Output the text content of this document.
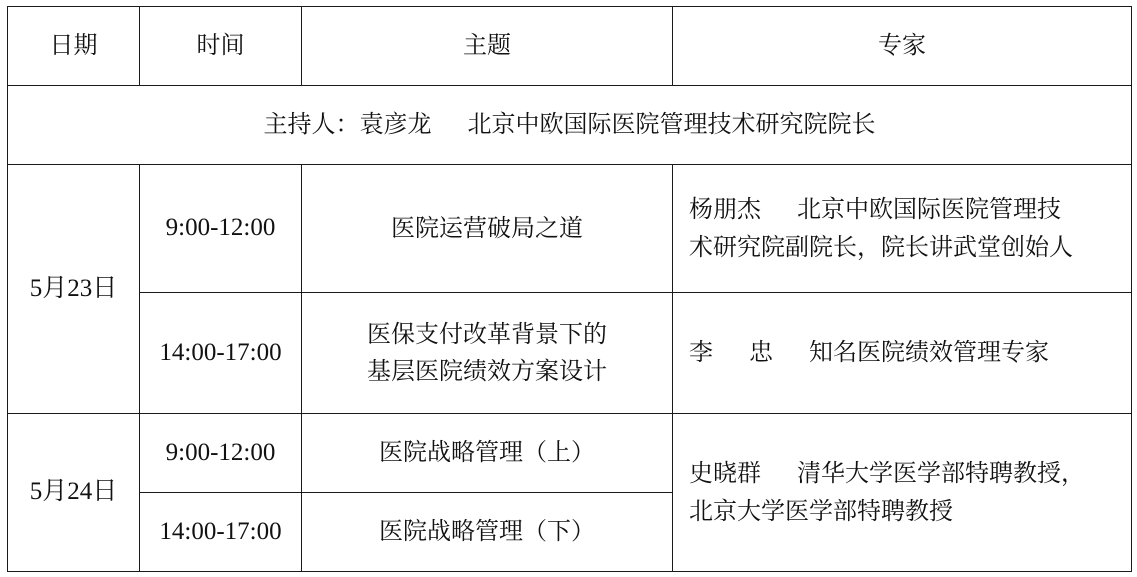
日期	时间	主题	专家
主持人：袁彦龙 北京中欧国际医院管理技术研究院院长			
5月23日	9:00-12:00	医院运营破局之道	杨朋杰 北京中欧国际医院管理技
术研究院副院长，院长讲武堂创始人

	14:00-17:00	医保支付改革背景下的
基层医院绩效方案设计	李 忠 知名医院绩效管理专家
5月24日	9:00-12:00	医院战略管理（上）	史晓群 清华大学医学部特聘教授，
北京大学医学部特聘教授

	14:00-17:00	医院战略管理（下）	
